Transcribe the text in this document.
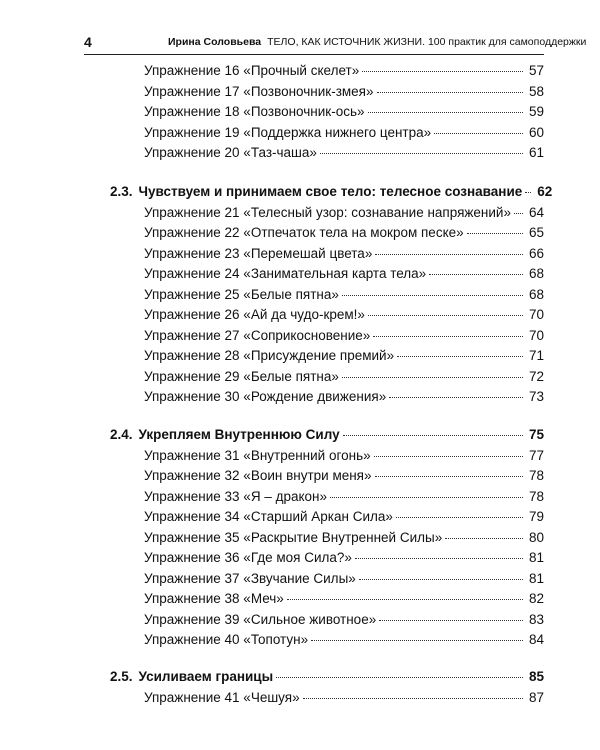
4	Ирина Соловьева ТЕЛО, КАК ИСТОЧНИК ЖИЗНИ. 100 практик для самоподдержки
Упражнение 16 «Прочный скелет»	57
Упражнение 17 «Позвоночник-змея»	58
Упражнение 18 «Позвоночник-ось»	59
Упражнение 19 «Поддержка нижнего центра»	60
Упражнение 20 «Таз-чаша»	61
2.3. Чувствуем и принимаем свое тело: телесное сознавание 62
Упражнение 21 «Телесный узор: сознавание напряжений» 64
Упражнение 22 «Отпечаток тела на мокром песке»	65
Упражнение 23 «Перемешай цвета»	66
Упражнение 24 «Занимательная карта тела»	68
Упражнение 25 «Белые пятна»	68
Упражнение 26 «Ай да чудо-крем!»	70
Упражнение 27 «Соприкосновение»	70
Упражнение 28 «Присуждение премий»	71
Упражнение 29 «Белые пятна»	72
Упражнение 30 «Рождение движения»	73
2.4. Укрепляем Внутреннюю Силу	75
Упражнение 31 «Внутренний огонь»	77
Упражнение 32 «Воин внутри меня»	78
Упражнение 33 «Я – дракон»	78
Упражнение 34 «Старший Аркан Сила»	79
Упражнение 35 «Раскрытие Внутренней Силы»	80
Упражнение 36 «Где моя Сила?»	81
Упражнение 37 «Звучание Силы»	81
Упражнение 38 «Меч»	82
Упражнение 39 «Сильное животное»	83
Упражнение 40 «Топотун»	84
2.5. Усиливаем границы	85
Упражнение 41 «Чешуя»	87
